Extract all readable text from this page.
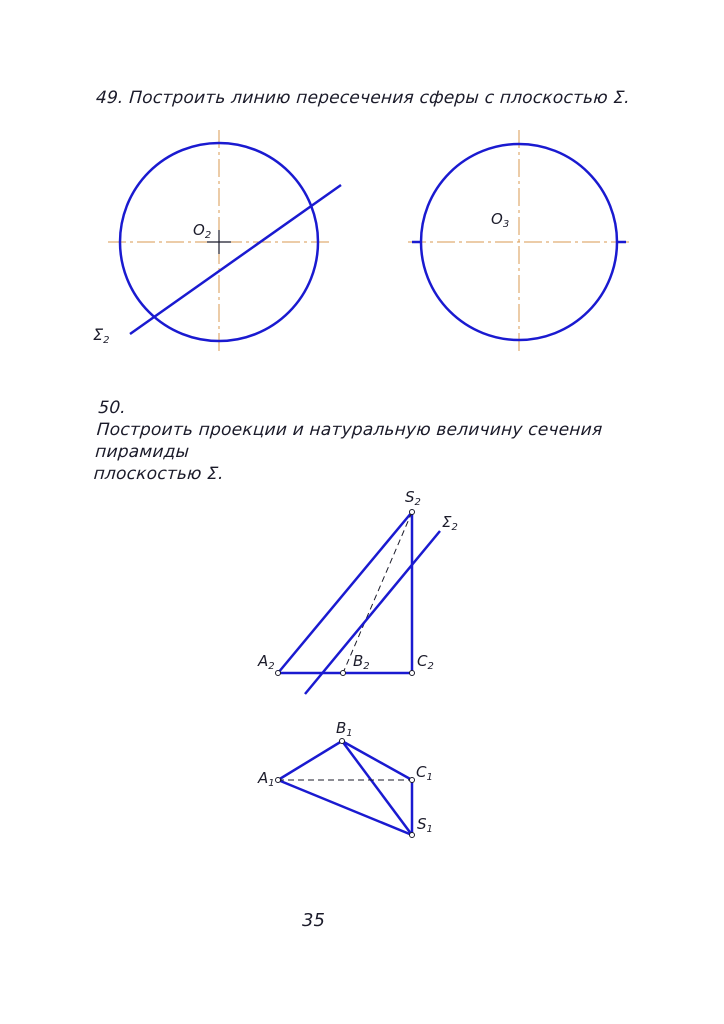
49. Построить линию пересечения сферы с плоскостью Σ.

50.
Построить проекции и натуральную величину сечения пирамиды
плоскостью Σ.

$O_2$
Σ2
$O_3$
$S_2$
$\Sigma_2$
$A_2$	$B_2$	$C_2$
$B_1$
$A_1$
$C_1$
$S_1$

35
